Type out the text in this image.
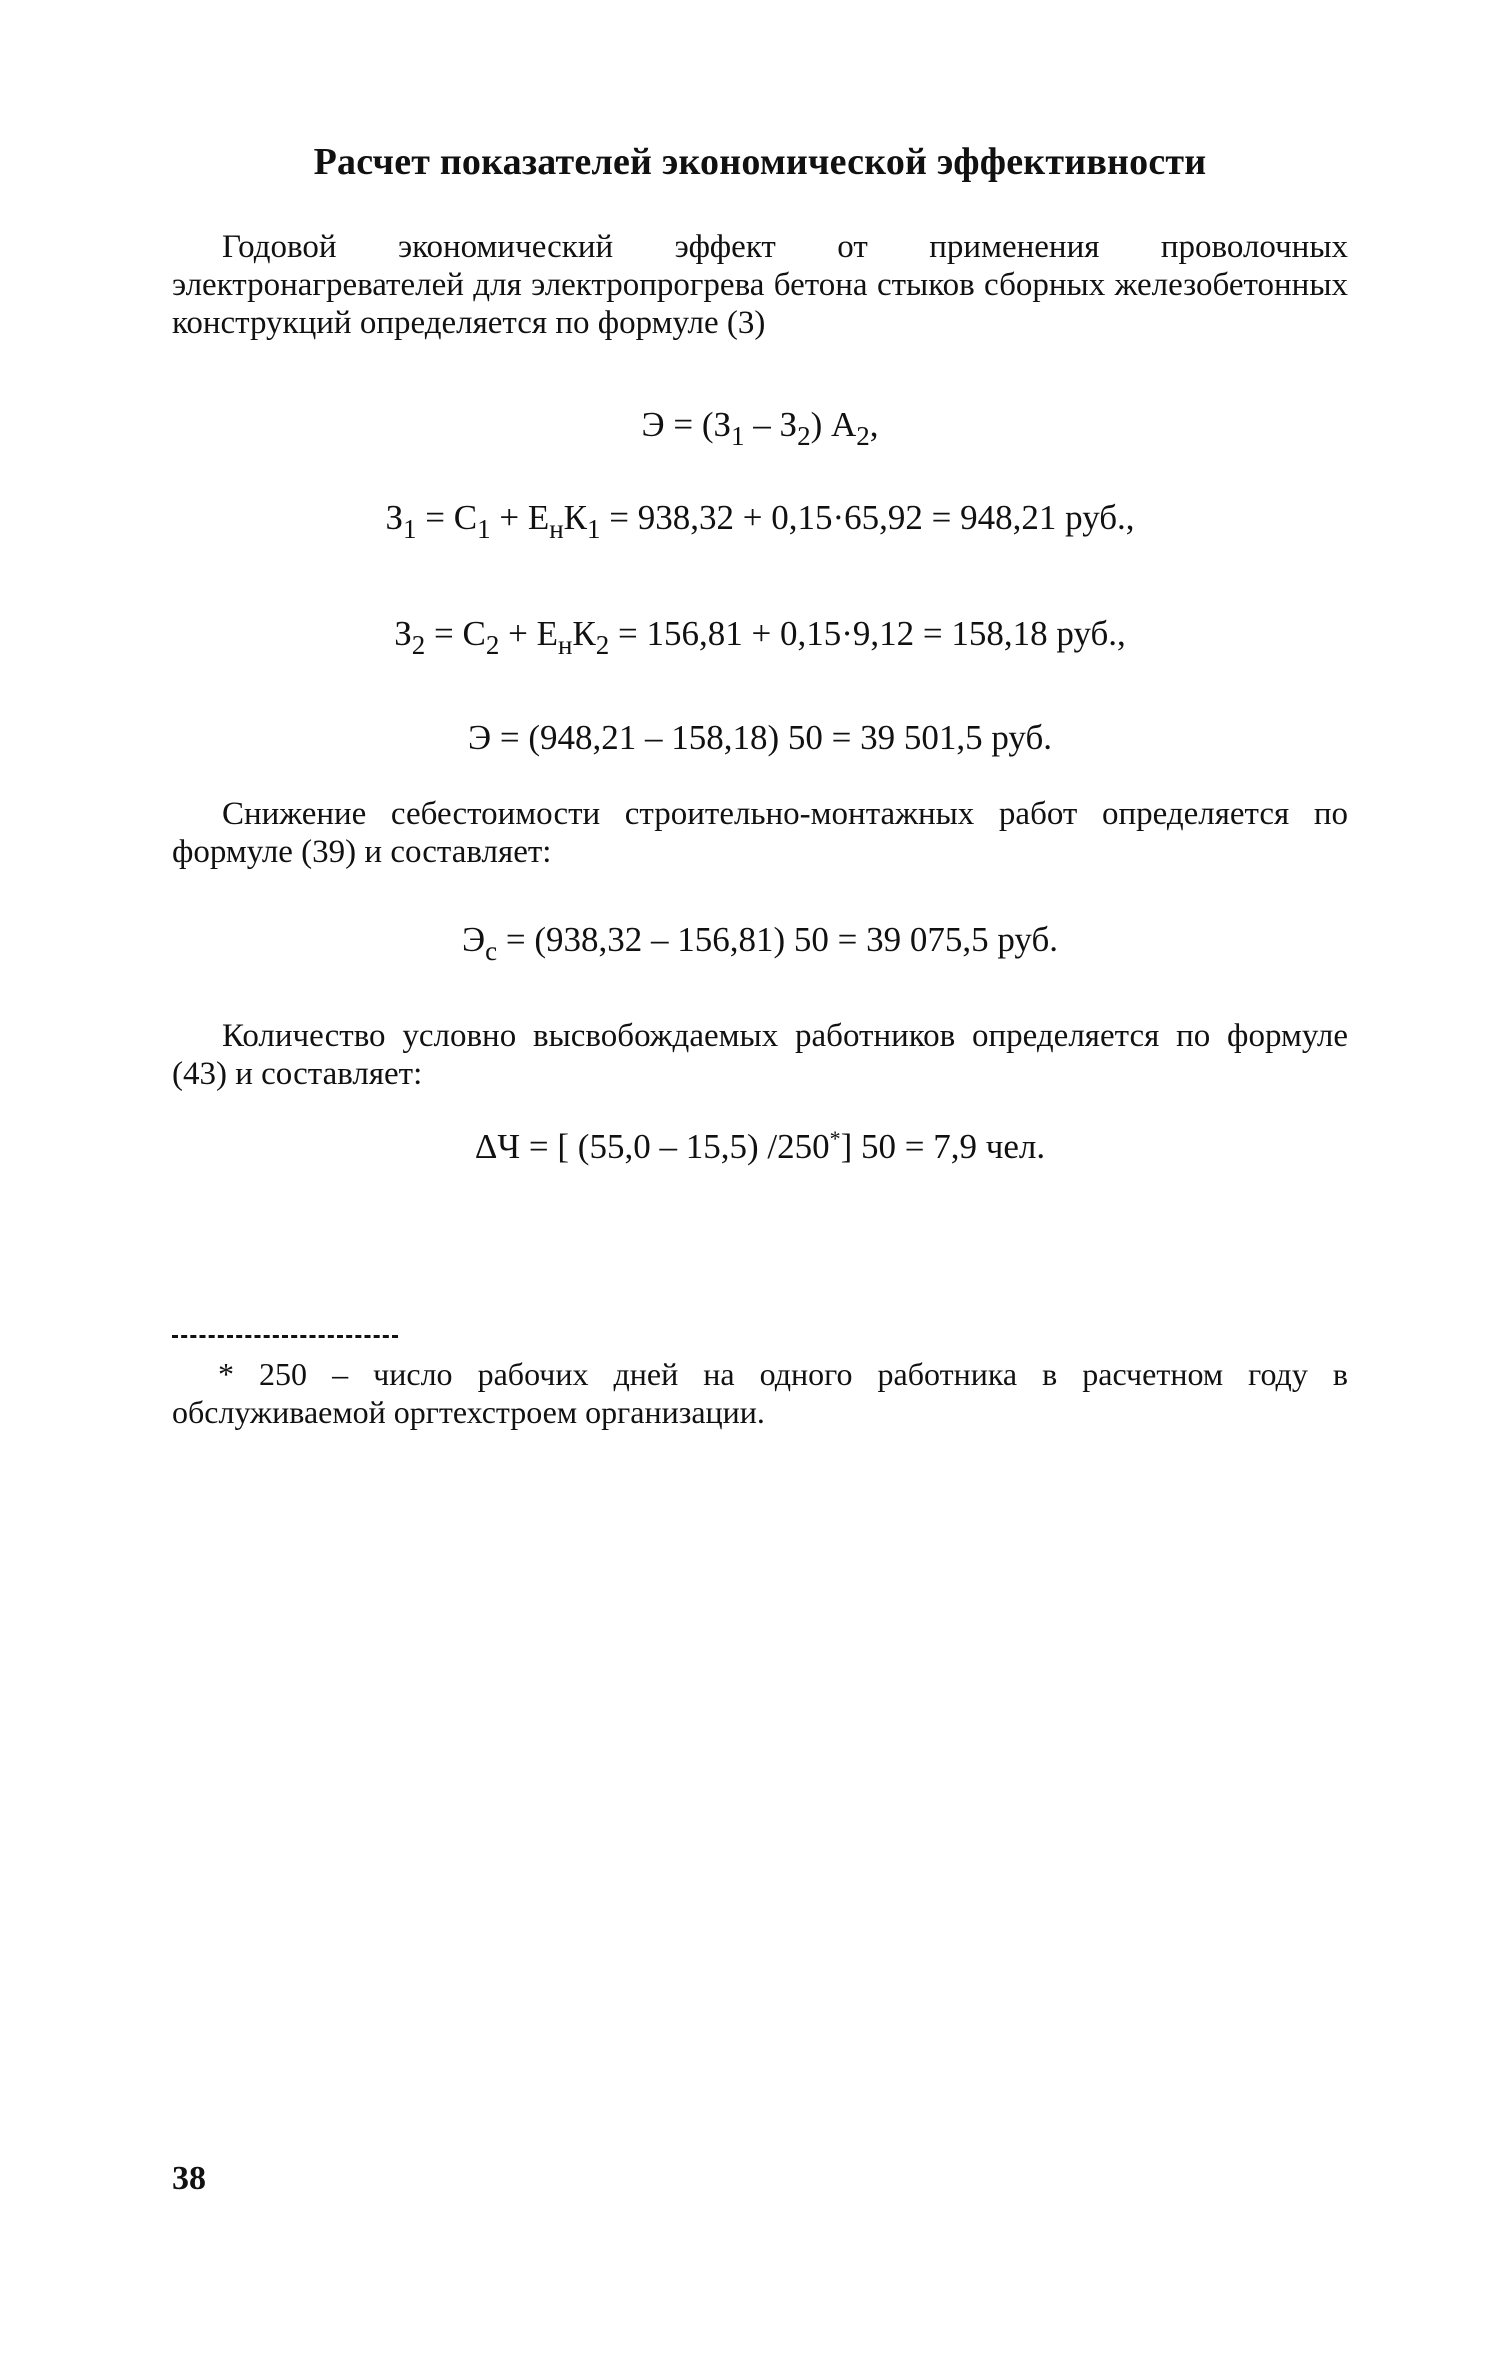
Расчет показателей экономической эффективности
Годовой экономический эффект от применения проволочных электронагревателей для электропрогрева бетона стыков сборных железобетонных конструкций определяется по формуле (3)
$Э = (З_1 - З_2)$ $А_2$,
$З_1 = С_1 + Е_нК_1 = 938,32 + 0,15\cdot 65,92 = 948,21$ руб.,
$З_2 = С_2 + Е_нК_2 = 156,81 + 0,15\cdot 9,12 = 158,18$ руб.,
Э = (948,21 – 158,18) 50 = 39 501,5 руб.
Снижение себестоимости строительно-монтажных работ определяется по формуле (39) и составляет:
$Э_с = (938,32 - 156,81) 50 = 39$ 075,5 руб.
Количество условно высвобождаемых работников определяется по формуле (43) и составляет:
ΔЧ = [ (55,0 – 15,5) /250*] 50 = 7,9 чел.
* 250 – число рабочих дней на одного работника в расчетном году в обслуживаемой оргтехстроем организации.
38
